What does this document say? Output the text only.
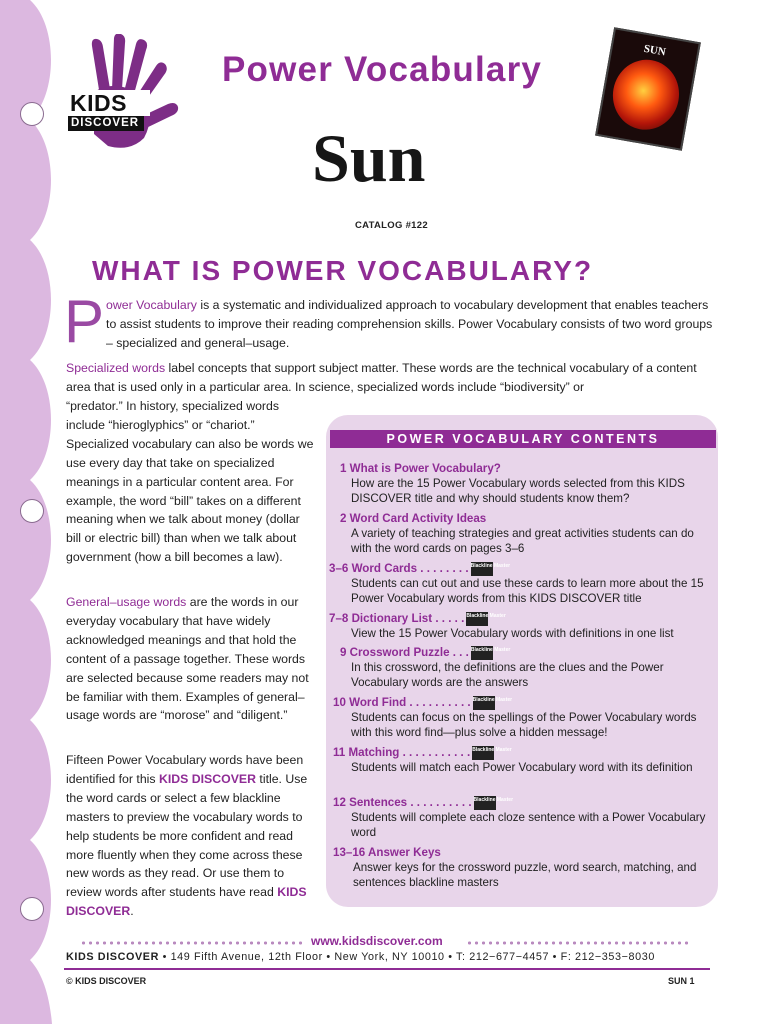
KIDS
DISCOVER
Power Vocabulary
Sun
SUN
CATALOG #122
WHAT IS POWER VOCABULARY?
Power Vocabulary is a systematic and individualized approach to vocabulary development that enables teachers to assist students to improve their reading comprehension skills. Power Vocabulary consists of two word groups – specialized and general–usage.
Specialized words label concepts that support subject matter. These words are the technical vocabulary of a content area that is used only in a particular area. In science, specialized words include “biodiversity” or

“predator.” In history, specialized words include “hieroglyphics” or “chariot.” Specialized vocabulary can also be words we use every day that take on specialized meanings in a particular content area. For example, the word “bill” takes on a different meaning when we talk about money (dollar bill or electric bill) than when we talk about government (how a bill becomes a law).

General–usage words are the words in our everyday vocabulary that have widely acknowledged meanings and that hold the content of a passage together. These words are selected because some readers may not be familiar with them. Examples of general–usage words are “morose” and “diligent.”
Fifteen Power Vocabulary words have been identified for this KIDS DISCOVER title. Use the word cards or select a few blackline masters to preview the vocabulary words to help students be more confident and read more fluently when they come across these new words as they read. Or use them to review words after students have read KIDS DISCOVER.
POWER VOCABULARY CONTENTS
1 What is Power Vocabulary?
How are the 15 Power Vocabulary words selected from this KIDS DISCOVER title and why should students know them?
2 Word Card Activity Ideas
A variety of teaching strategies and great activities students can do with the word cards on pages 3–6
3–6 Word Cards . . . . . . . . Blackline Master
Students can cut out and use these cards to learn more about the 15 Power Vocabulary words from this KIDS DISCOVER title
7–8 Dictionary List . . . . . Blackline Master
View the 15 Power Vocabulary words with definitions in one list
9 Crossword Puzzle . . . Blackline Master
In this crossword, the definitions are the clues and the Power Vocabulary words are the answers
10 Word Find . . . . . . . . . . Blackline Master
Students can focus on the spellings of the Power Vocabulary words with this word find—plus solve a hidden message!
11 Matching . . . . . . . . . . . Blackline Master
Students will match each Power Vocabulary word with its definition
12 Sentences . . . . . . . . . . Blackline Master
Students will complete each cloze sentence with a Power Vocabulary word
13–16 Answer Keys
Answer keys for the crossword puzzle, word search, matching, and sentences blackline masters
www.kidsdiscover.com
KIDS DISCOVER • 149 Fifth Avenue, 12th Floor • New York, NY 10010 • T: 212−677−4457 • F: 212−353−8030
© KIDS DISCOVER	SUN 1
